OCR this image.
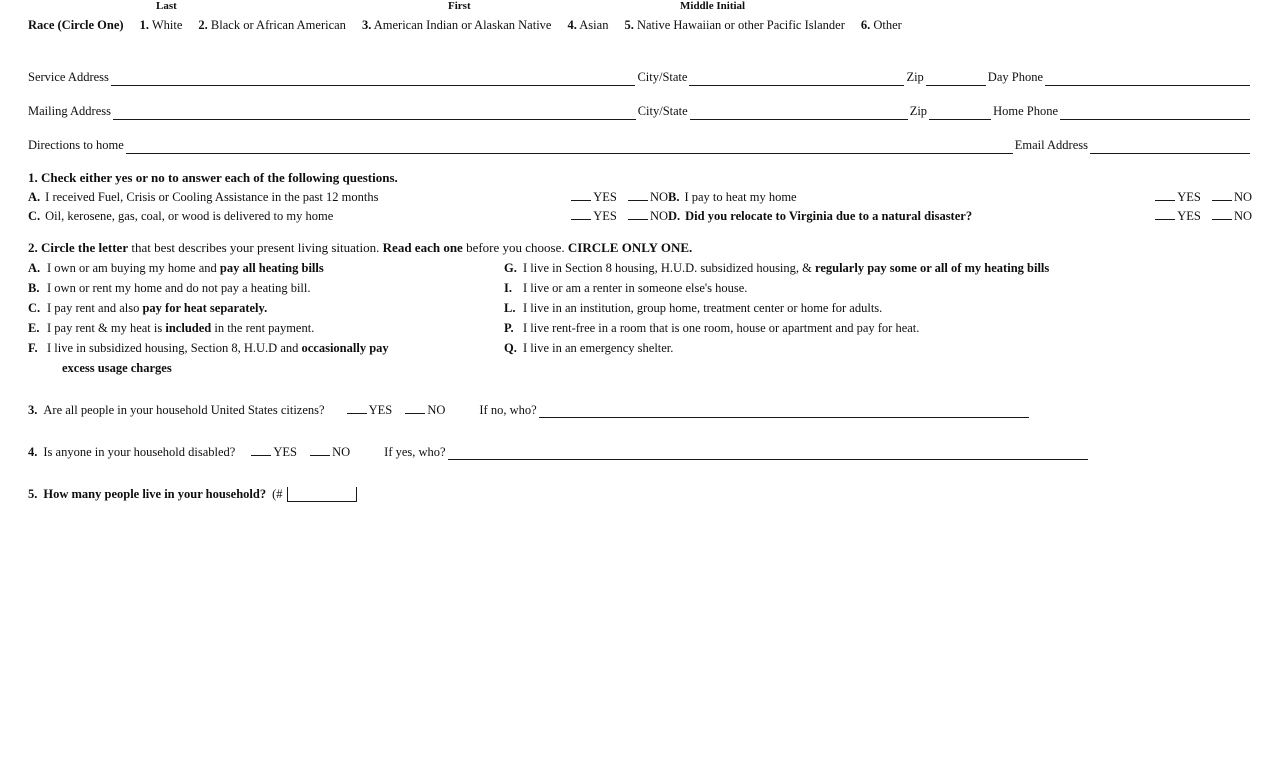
Last	First	Middle Initial
Race (Circle One) 1. White 2. Black or African American 3. American Indian or Alaskan Native 4. Asian 5. Native Hawaiian or other Pacific Islander 6. Other
Service Address	City/State	Zip	Day Phone
Mailing Address	City/State	Zip	Home Phone
Directions to home	Email Address
1. Check either yes or no to answer each of the following questions.
A. I received Fuel, Crisis or Cooling Assistance in the past 12 months	YES	NO B. I pay to heat my home	YES	NO
C. Oil, kerosene, gas, coal, or wood is delivered to my home	YES	NO D. Did you relocate to Virginia due to a natural disaster?	YES	NO
2. Circle the letter that best describes your present living situation. Read each one before you choose. CIRCLE ONLY ONE.
A. I own or am buying my home and pay all heating bills	G. I live in Section 8 housing, H.U.D. subsidized housing, & regularly pay some or all of my heating bills
B. I own or rent my home and do not pay a heating bill.	I. I live or am a renter in someone else's house.
C. I pay rent and also pay for heat separately.	L. I live in an institution, group home, treatment center or home for adults.
E. I pay rent & my heat is included in the rent payment.	P. I live rent-free in a room that is one room, house or apartment and pay for heat.
F. I live in subsidized housing, Section 8, H.U.D and occasionally pay	Q. I live in an emergency shelter.
excess usage charges
3. Are all people in your household United States citizens?	YES	NO	If no, who?
4. Is anyone in your household disabled?	YES	NO	If yes, who?
5. How many people live in your household? (#
